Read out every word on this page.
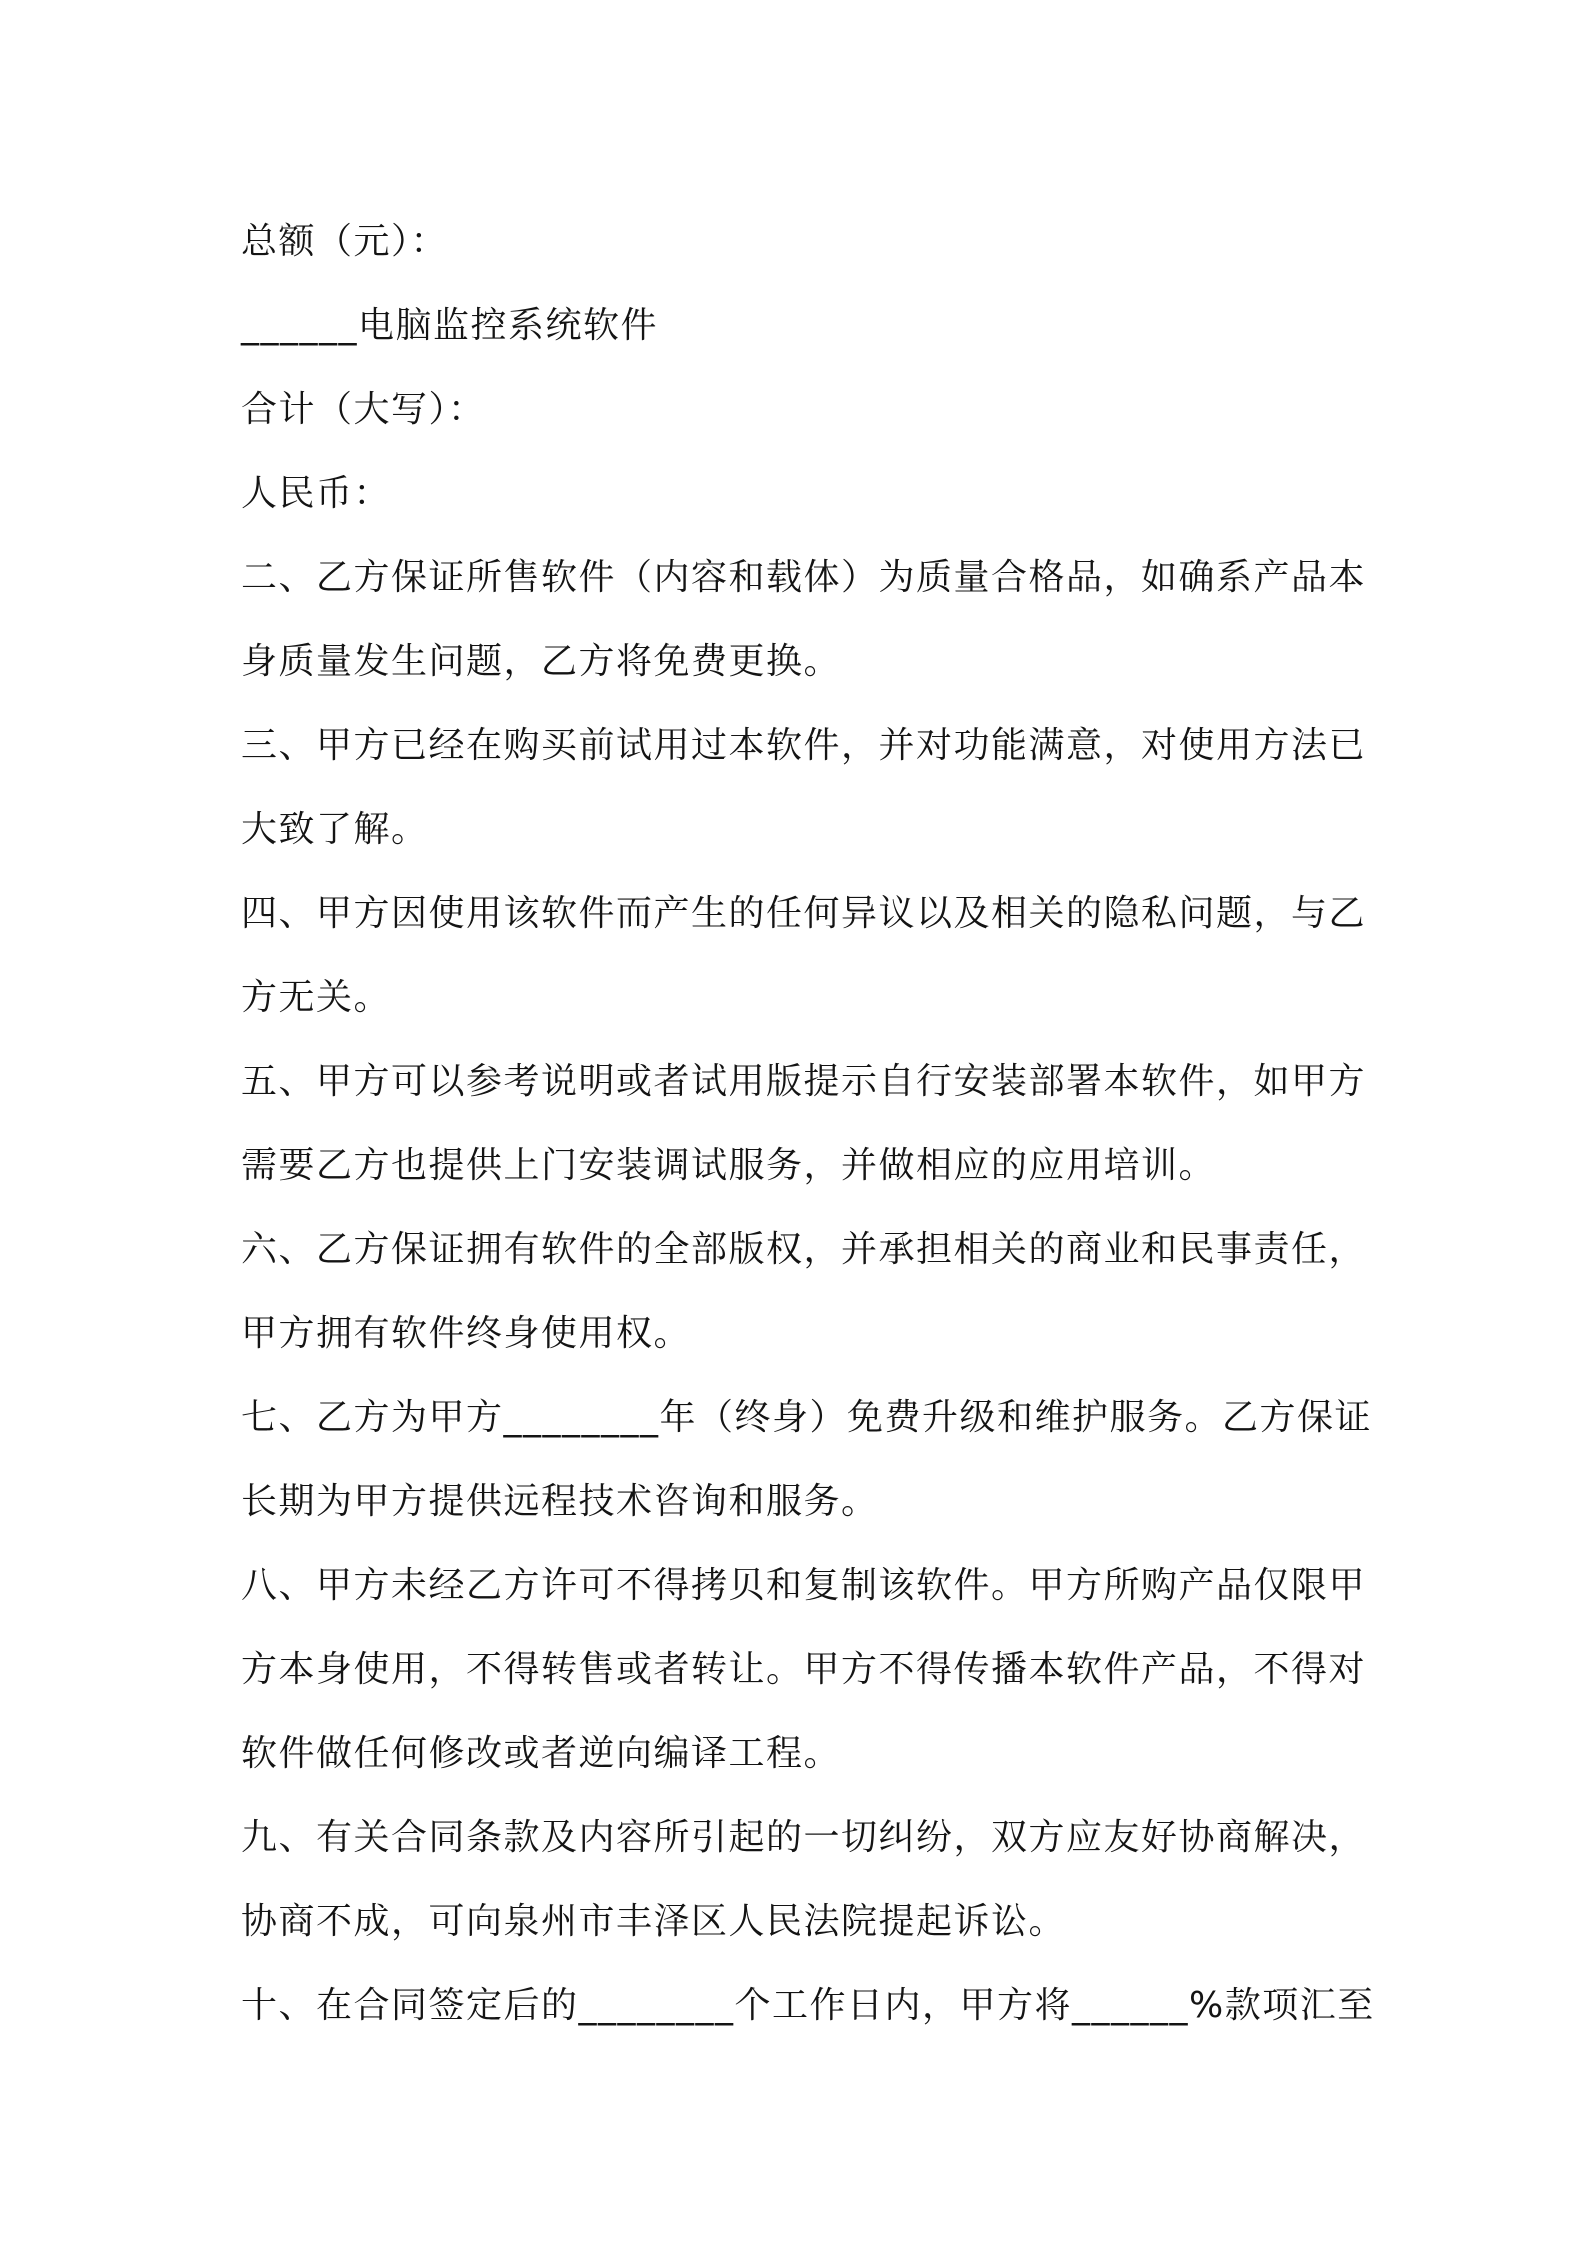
总额（元）：
______电脑监控系统软件
合计（大写）：
人民币：
二、乙方保证所售软件（内容和载体）为质量合格品，如确系产品本
身质量发生问题，乙方将免费更换。
三、甲方已经在购买前试用过本软件，并对功能满意，对使用方法已
大致了解。
四、甲方因使用该软件而产生的任何异议以及相关的隐私问题，与乙
方无关。
五、甲方可以参考说明或者试用版提示自行安装部署本软件，如甲方
需要乙方也提供上门安装调试服务，并做相应的应用培训。
六、乙方保证拥有软件的全部版权，并承担相关的商业和民事责任，
甲方拥有软件终身使用权。
七、乙方为甲方________年（终身）免费升级和维护服务。乙方保证
长期为甲方提供远程技术咨询和服务。
八、甲方未经乙方许可不得拷贝和复制该软件。甲方所购产品仅限甲
方本身使用，不得转售或者转让。甲方不得传播本软件产品，不得对
软件做任何修改或者逆向编译工程。
九、有关合同条款及内容所引起的一切纠纷，双方应友好协商解决，
协商不成，可向泉州市丰泽区人民法院提起诉讼。
十、在合同签定后的________个工作日内，甲方将______%款项汇至
